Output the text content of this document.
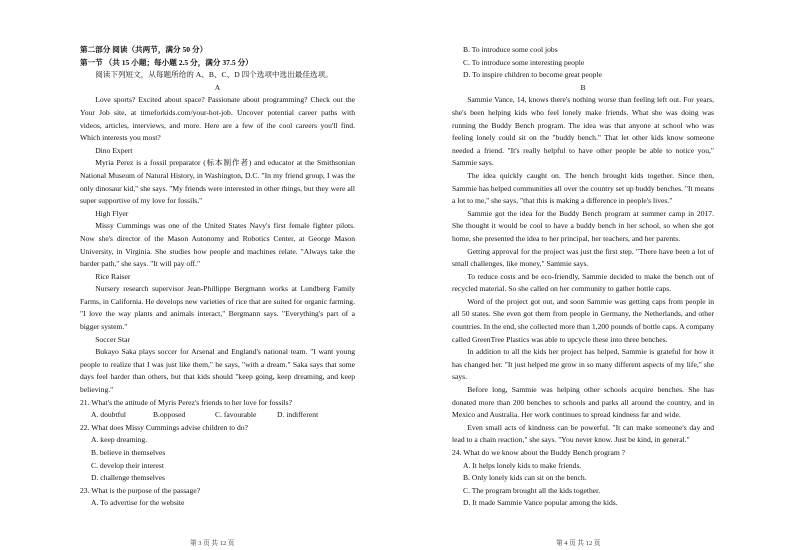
第二部分 阅读（共两节，满分 50 分）

第一节 （共 15 小题；每小题 2.5 分，满分 37.5 分）

阅读下列短文，从每题所给的 A、B、C、D 四个选项中选出最佳选项。

A

Love sports? Excited about space? Passionate about programming? Check out the Your Job site, at timeforkids.com/your-hot-job. Uncover potential career paths with videos, articles, interviews, and more. Here are a few of the cool careers you'll find. Which interests you most?

Dino Expert

Myria Perez is a fossil preparator (标本制作者) and educator at the Smithsonian National Museum of Natural History, in Washington, D.C. "In my friend group, I was the only dinosaur kid," she says. "My friends were interested in other things, but they were all super supportive of my love for fossils."

High Flyer

Missy Cummings was one of the United States Navy's first female fighter pilots. Now she's director of the Mason Autonomy and Robotics Center, at George Mason University, in Virginia. She studies how people and machines relate. "Always take the harder path," she says. "It will pay off."

Rice Raiser

Nursery research supervisor Jean-Phillippe Bergmann works at Lundberg Family Farms, in California. He develops new varieties of rice that are suited for organic farming. "I love the way plants and animals interact," Bergmann says. "Everything's part of a bigger system."

Soccer Star

Bukayo Saka plays soccer for Arsenal and England's national team. "I want young people to realize that I was just like them," he says, "with a dream." Saka says that some days feel harder than others, but that kids should "keep going, keep dreaming, and keep believing."

21. What's the attitude of Myris Perez's friends to her love for fossils?

A. doubtful	B.opposed	C. favourable	D. indifferent

22. What does Missy Cummings advise children to do?

A. keep dreaming.

B. believe in themselves

C. develop their interest

D. challenge themselves

23. What is the purpose of the passage?

A. To advertise for the website

B. To introduce some cool jobs

C. To introduce some interesting people

D. To inspire children to become great people

B

Sammie Vance, 14, knows there's nothing worse than feeling left out. For years, she's been helping kids who feel lonely make friends. What she was doing was running the Buddy Bench program. The idea was that anyone at school who was feeling lonely could sit on the "buddy bench." That let other kids know someone needed a friend. "It's really helpful to have other people be able to notice you," Sammie says.

The idea quickly caught on. The bench brought kids together. Since then, Sammie has helped communities all over the country set up buddy benches. "It means a lot to me," she says, "that this is making a difference in people's lives."

Sammie got the idea for the Buddy Bench program at summer camp in 2017. She thought it would be cool to have a buddy bench in her school, so when she got home, she presented the idea to her principal, her teachers, and her parents.

Getting approval for the project was just the first step. "There have been a lot of small challenges, like money," Sammie says.

To reduce costs and be eco-friendly, Sammie decided to make the bench out of recycled material. So she called on her community to gather bottle caps.

Word of the project got out, and soon Sammie was getting caps from people in all 50 states. She even got them from people in Germany, the Netherlands, and other countries. In the end, she collected more than 1,200 pounds of bottle caps. A company called GreenTree Plastics was able to upcycle these into three benches.

In addition to all the kids her project has helped, Sammie is grateful for how it has changed her. "It just helped me grow in so many different aspects of my life," she says.

Before long, Sammie was helping other schools acquire benches. She has donated more than 200 benches to schools and parks all around the country, and in Mexico and Australia. Her work continues to spread kindness far and wide.

Even small acts of kindness can be powerful. "It can make someone's day and lead to a chain reaction," she says. "You never know. Just be kind, in general."

24. What do we know about the Buddy Bench program ?

A. It helps lonely kids to make friends.

B. Only lonely kids can sit on the bench.

C. The program brought all the kids together.

D. It made Sammie Vance popular among the kids.

第 3 页 共 12 页	第 4 页 共 12 页
